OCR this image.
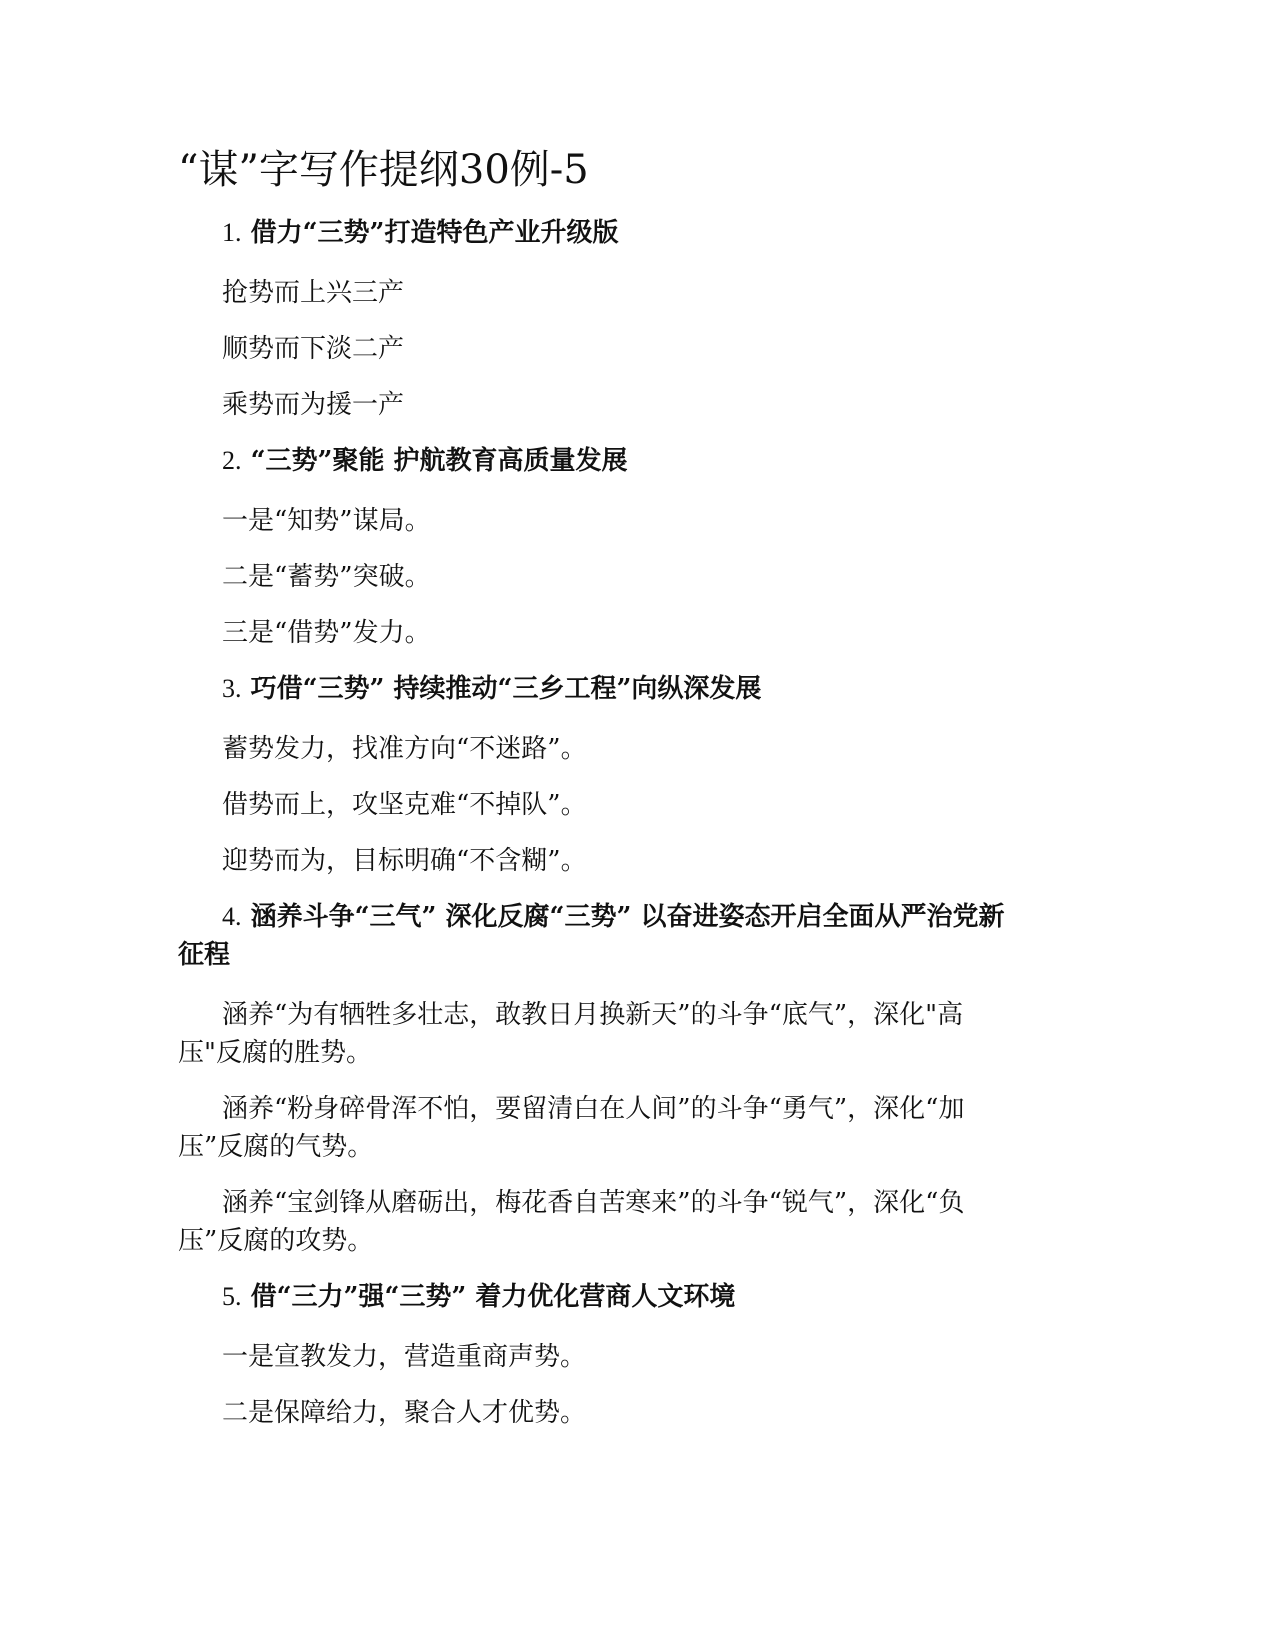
“谋”字写作提纲30例-5
1. 借力“三势”打造特色产业升级版
抢势而上兴三产
顺势而下淡二产
乘势而为援一产
2. “三势”聚能 护航教育高质量发展
一是“知势”谋局。
二是“蓄势”突破。
三是“借势”发力。
3. 巧借“三势” 持续推动“三乡工程”向纵深发展
蓄势发力，找准方向“不迷路”。
借势而上，攻坚克难“不掉队”。
迎势而为，目标明确“不含糊”。
4. 涵养斗争“三气” 深化反腐“三势” 以奋进姿态开启全面从严治党新征程
涵养“为有牺牲多壮志，敢教日月换新天”的斗争“底气”，深化"高压"反腐的胜势。
涵养“粉身碎骨浑不怕，要留清白在人间”的斗争“勇气”，深化“加压”反腐的气势。
涵养“宝剑锋从磨砺出，梅花香自苦寒来”的斗争“锐气”，深化“负压”反腐的攻势。
5. 借“三力”强“三势” 着力优化营商人文环境
一是宣教发力，营造重商声势。
二是保障给力，聚合人才优势。
